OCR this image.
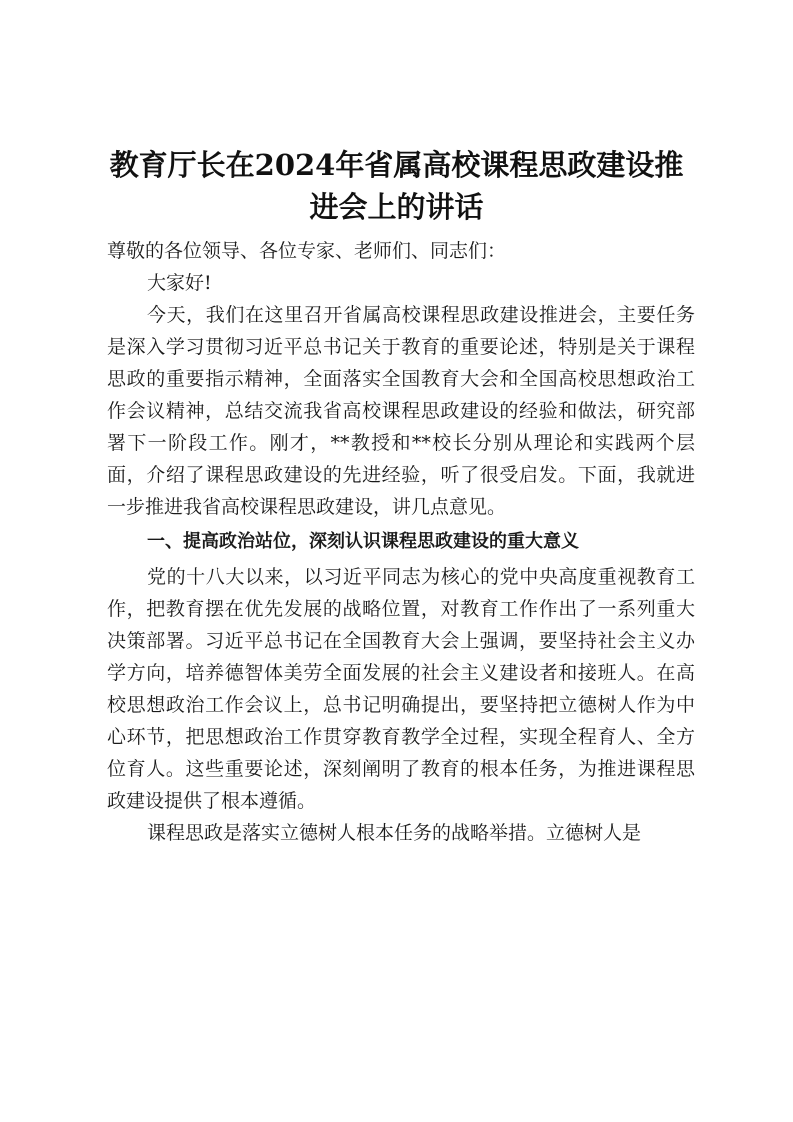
教育厅长在2024年省属高校课程思政建设推
进会上的讲话

尊敬的各位领导、各位专家、老师们、同志们：

大家好!

今天，我们在这里召开省属高校课程思政建设推进会，主要任务是深入学习贯彻习近平总书记关于教育的重要论述，特别是关于课程思政的重要指示精神，全面落实全国教育大会和全国高校思想政治工作会议精神，总结交流我省高校课程思政建设的经验和做法，研究部署下一阶段工作。刚才，**教授和**校长分别从理论和实践两个层面，介绍了课程思政建设的先进经验，听了很受启发。下面，我就进一步推进我省高校课程思政建设，讲几点意见。

一、提高政治站位，深刻认识课程思政建设的重大意义

党的十八大以来，以习近平同志为核心的党中央高度重视教育工作，把教育摆在优先发展的战略位置，对教育工作作出了一系列重大决策部署。习近平总书记在全国教育大会上强调，要坚持社会主义办学方向，培养德智体美劳全面发展的社会主义建设者和接班人。在高校思想政治工作会议上，总书记明确提出，要坚持把立德树人作为中心环节，把思想政治工作贯穿教育教学全过程，实现全程育人、全方位育人。这些重要论述，深刻阐明了教育的根本任务，为推进课程思政建设提供了根本遵循。

课程思政是落实立德树人根本任务的战略举措。立德树人是
